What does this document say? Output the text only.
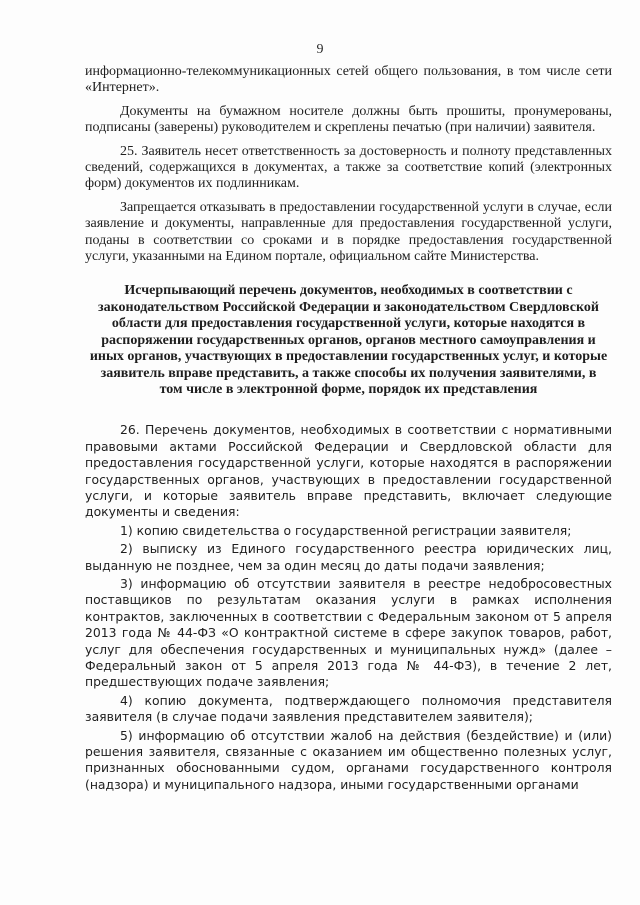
9

информационно-телекоммуникационных сетей общего пользования, в том числе сети «Интернет».

Документы на бумажном носителе должны быть прошиты, пронумерованы, подписаны (заверены) руководителем и скреплены печатью (при наличии) заявителя.

25. Заявитель несет ответственность за достоверность и полноту представленных сведений, содержащихся в документах, а также за соответствие копий (электронных форм) документов их подлинникам.

Запрещается отказывать в предоставлении государственной услуги в случае, если заявление и документы, направленные для предоставления государственной услуги, поданы в соответствии со сроками и в порядке предоставления государственной услуги, указанными на Едином портале, официальном сайте Министерства.

Исчерпывающий перечень документов, необходимых в соответствии с законодательством Российской Федерации и законодательством Свердловской области для предоставления государственной услуги, которые находятся в распоряжении государственных органов, органов местного самоуправления и иных органов, участвующих в предоставлении государственных услуг, и которые заявитель вправе представить, а также способы их получения заявителями, в том числе в электронной форме, порядок их представления

26. Перечень документов, необходимых в соответствии с нормативными правовыми актами Российской Федерации и Свердловской области для предоставления государственной услуги, которые находятся в распоряжении государственных органов, участвующих в предоставлении государственной услуги, и которые заявитель вправе представить, включает следующие документы и сведения:

1) копию свидетельства о государственной регистрации заявителя;

2) выписку из Единого государственного реестра юридических лиц, выданную не позднее, чем за один месяц до даты подачи заявления;

3) информацию об отсутствии заявителя в реестре недобросовестных поставщиков по результатам оказания услуги в рамках исполнения контрактов, заключенных в соответствии с Федеральным законом от 5 апреля 2013 года № 44-ФЗ «О контрактной системе в сфере закупок товаров, работ, услуг для обеспечения государственных и муниципальных нужд» (далее – Федеральный закон от 5 апреля 2013 года № 44-ФЗ), в течение 2 лет, предшествующих подаче заявления;

4) копию документа, подтверждающего полномочия представителя заявителя (в случае подачи заявления представителем заявителя);

5) информацию об отсутствии жалоб на действия (бездействие) и (или) решения заявителя, связанные с оказанием им общественно полезных услуг, признанных обоснованными судом, органами государственного контроля (надзора) и муниципального надзора, иными государственными органами
